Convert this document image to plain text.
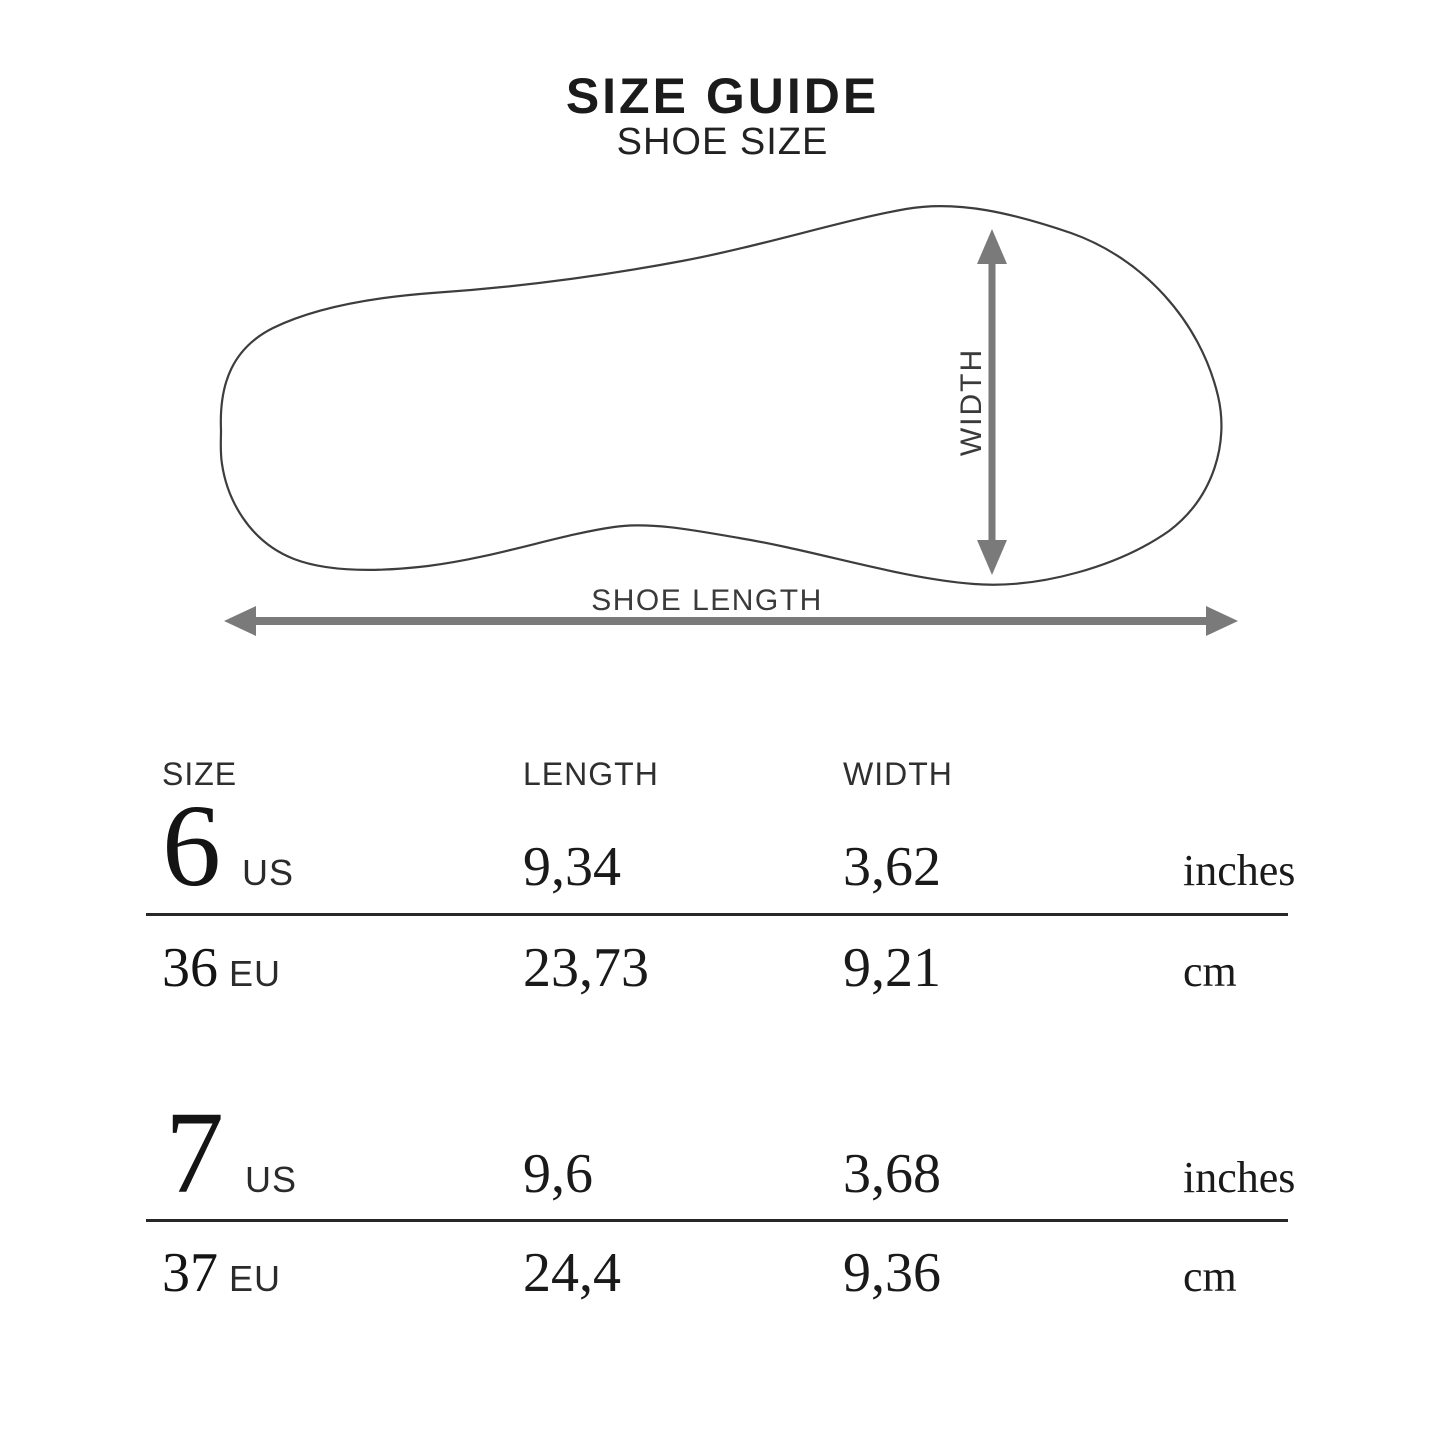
SIZE GUIDE
SHOE SIZE
WIDTH
SHOE LENGTH
SIZE	LENGTH	WIDTH
6 US	9,34	3,62	inches
36 EU	23,73	9,21	cm
7 US	9,6	3,68	inches
37 EU	24,4	9,36	cm
